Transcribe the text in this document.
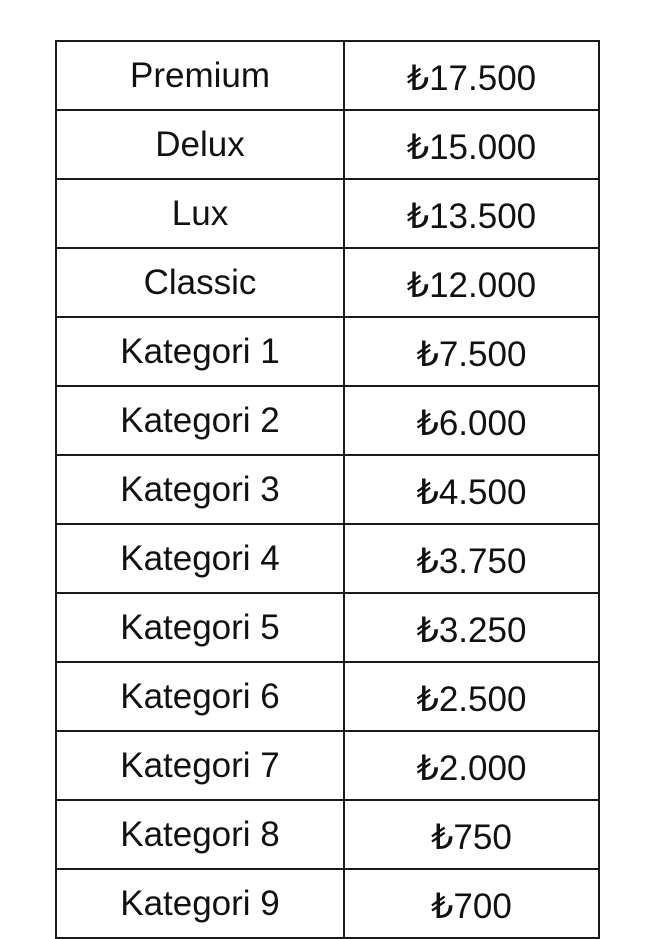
Premium	₺17.500
Delux	₺15.000
Lux	₺13.500
Classic	₺12.000
Kategori 1	₺7.500
Kategori 2	₺6.000
Kategori 3	₺4.500
Kategori 4	₺3.750
Kategori 5	₺3.250
Kategori 6	₺2.500
Kategori 7	₺2.000
Kategori 8	₺750
Kategori 9	₺700
